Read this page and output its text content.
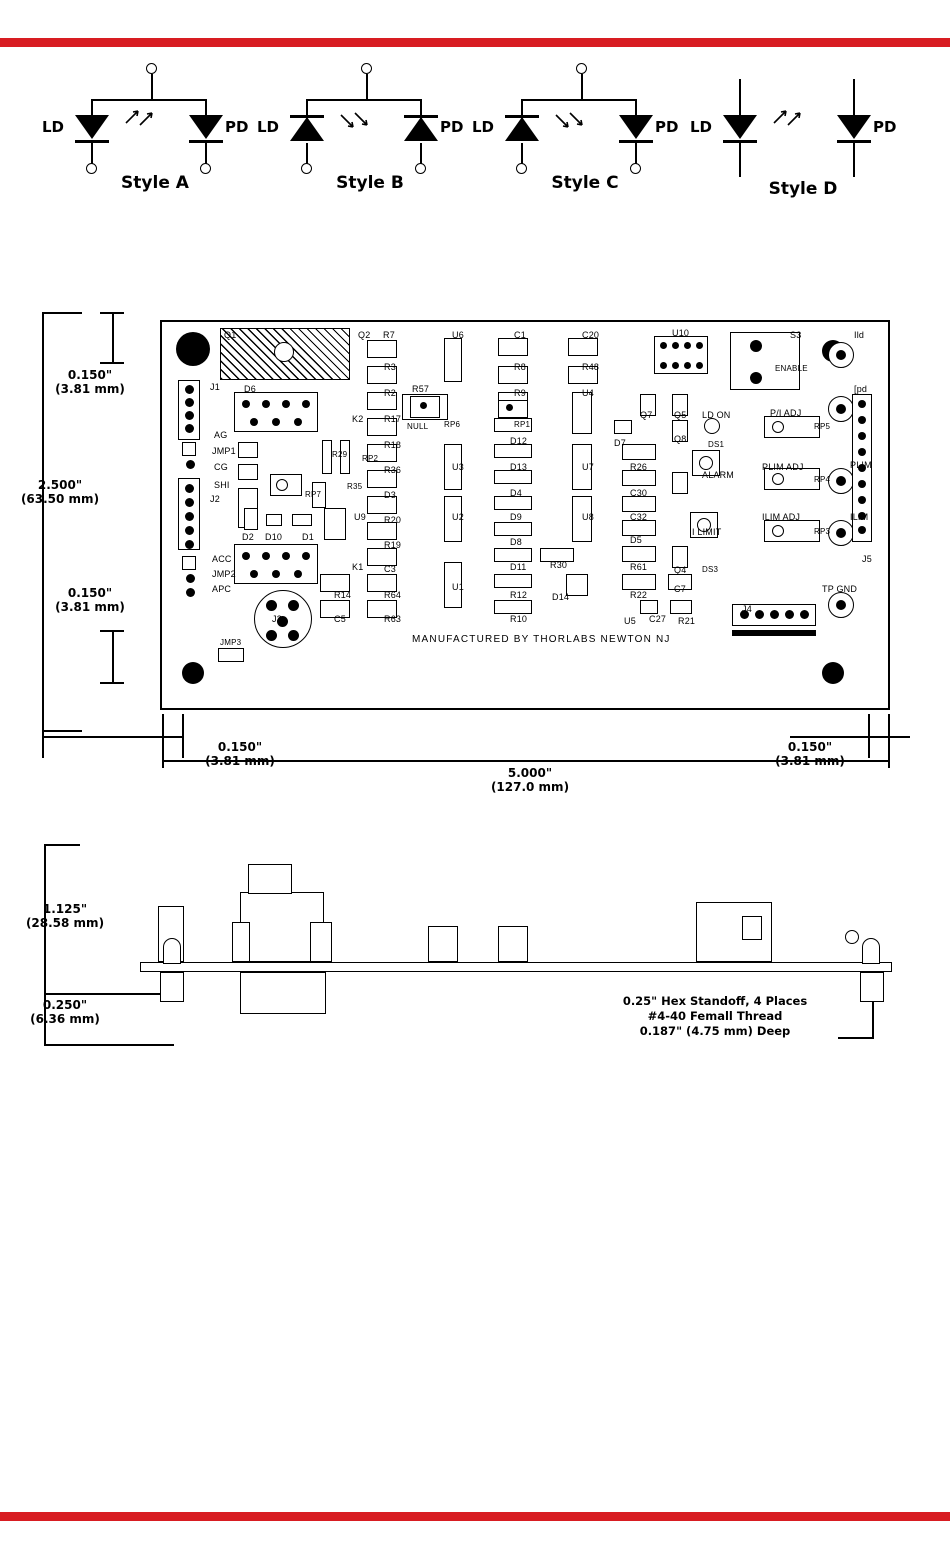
LD	PD
Style A
LD	PD
Style B
LD	PD
Style C
LD	PD
Style D
2.500"
(63.50 mm)
0.150"
(3.81 mm)
0.150"
(3.81 mm)
MANUFACTURED BY THORLABS NEWTON NJ
Q1	Q2 R7	U6	C1	C20	U10	S3	Ild
R3	R8	R48	ENABLE
J1	D6	R2 R57	R9	U4	[pd
R17
K2
NULL RP6	RP1
Q7 Q5 LD ON	P/I ADJ
RP5
AG
JMP1
CG
R18	D12	Q8
DS1
D7
SHI
R36	U3	D13	U7	R26
ALARM
PLIM ADJ	PLIM
J2	RP7
R35
RP2
R29
D3	D4	C30
RP4
U9 R20	U2	D9	U8	C32
D2 D10 D1
R19	D8	D5
I LIMIT
ILIM ADJ	ILIM
ACC
JMP2
APC
K1 C3	D11	R30	R61	Q4 DS3
RP3
R14	R64
U1
R12	D14	R22
C7	TP GND
J3	C5	R63	R10	U5 C27 R21
J4
JMP3
J5
5.000"
(127.0 mm)
0.150"
(3.81 mm)
0.150"
(3.81 mm)
1.125"
(28.58 mm)
0.250"
(6.36 mm)
0.25" Hex Standoff, 4 Places
#4-40 Femall Thread
0.187" (4.75 mm) Deep
